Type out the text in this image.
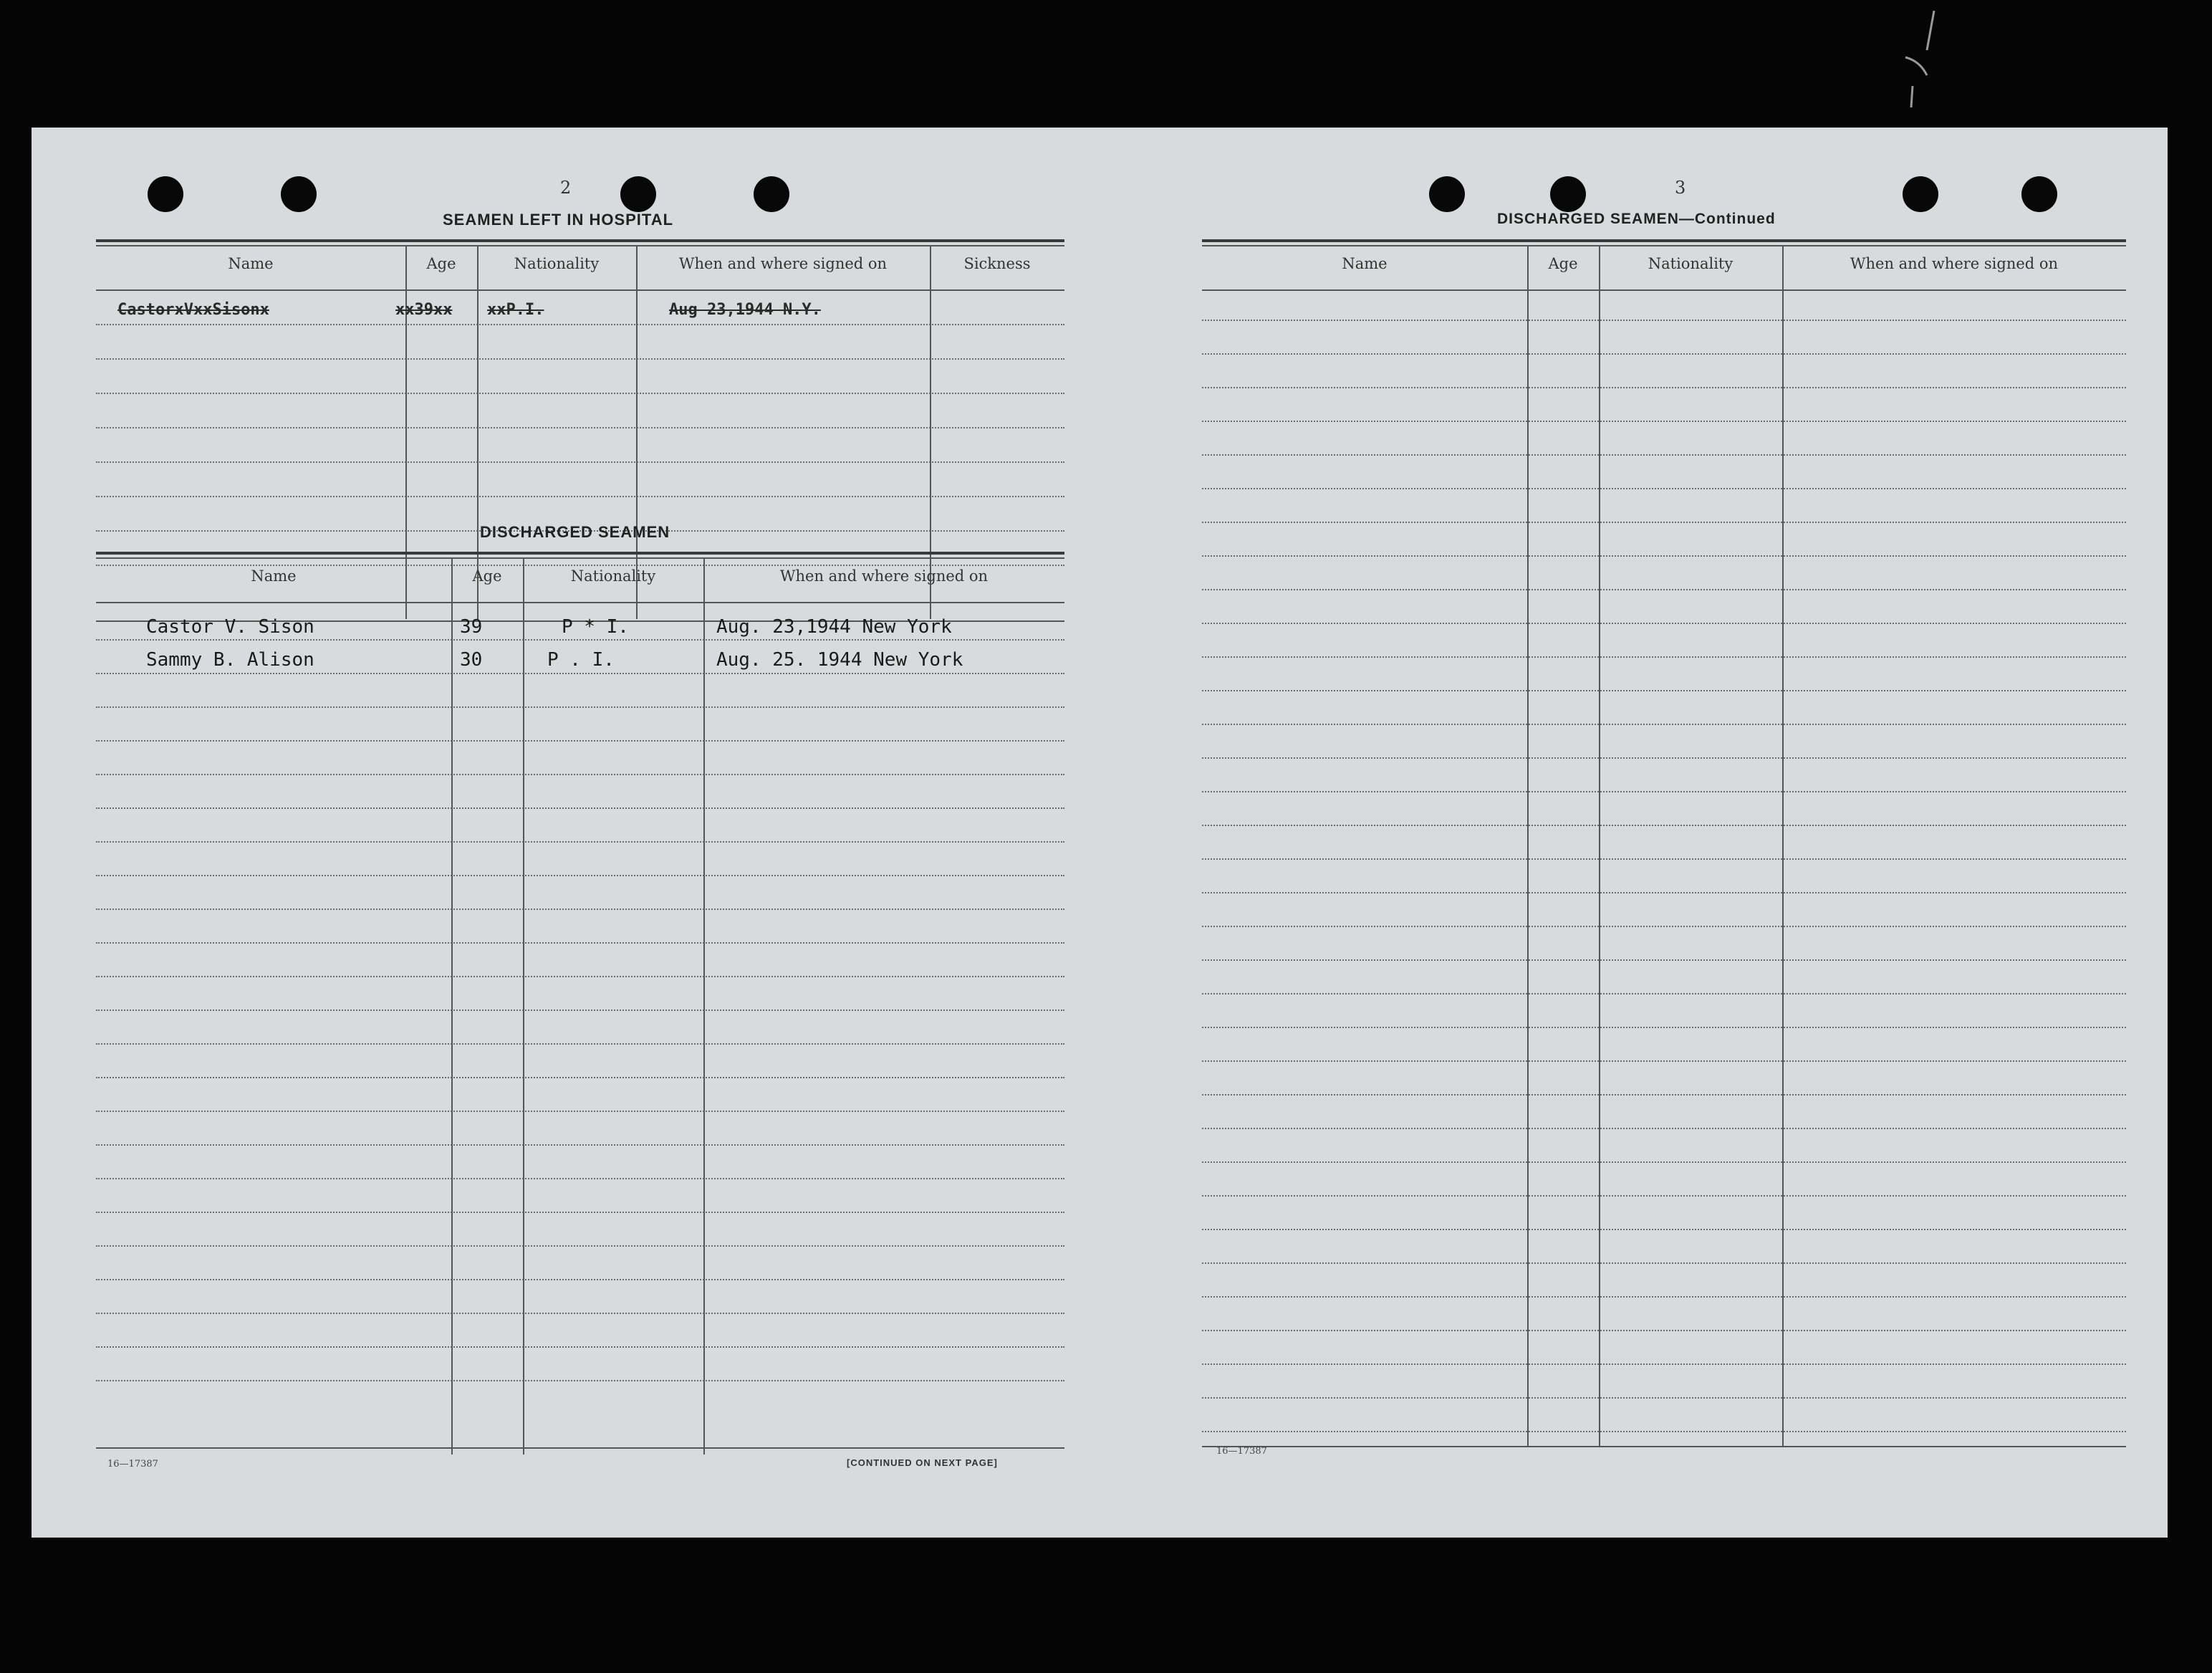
2
SEAMEN LEFT IN HOSPITAL
Name	Age	Nationality	When and where signed on	Sickness
CastorxVxxSisonx	xx39xx xxP.I.	Aug 23,1944 N.Y.
DISCHARGED SEAMEN
Name	Age	Nationality	When and where signed on
Castor V. Sison	39	P * I.	Aug. 23,1944 New York
Sammy B. Alison	30	P . I.	Aug. 25. 1944 New York
16—17387	[CONTINUED ON NEXT PAGE]
3
DISCHARGED SEAMEN—Continued
Name	Age	Nationality	When and where signed on
16—17387
